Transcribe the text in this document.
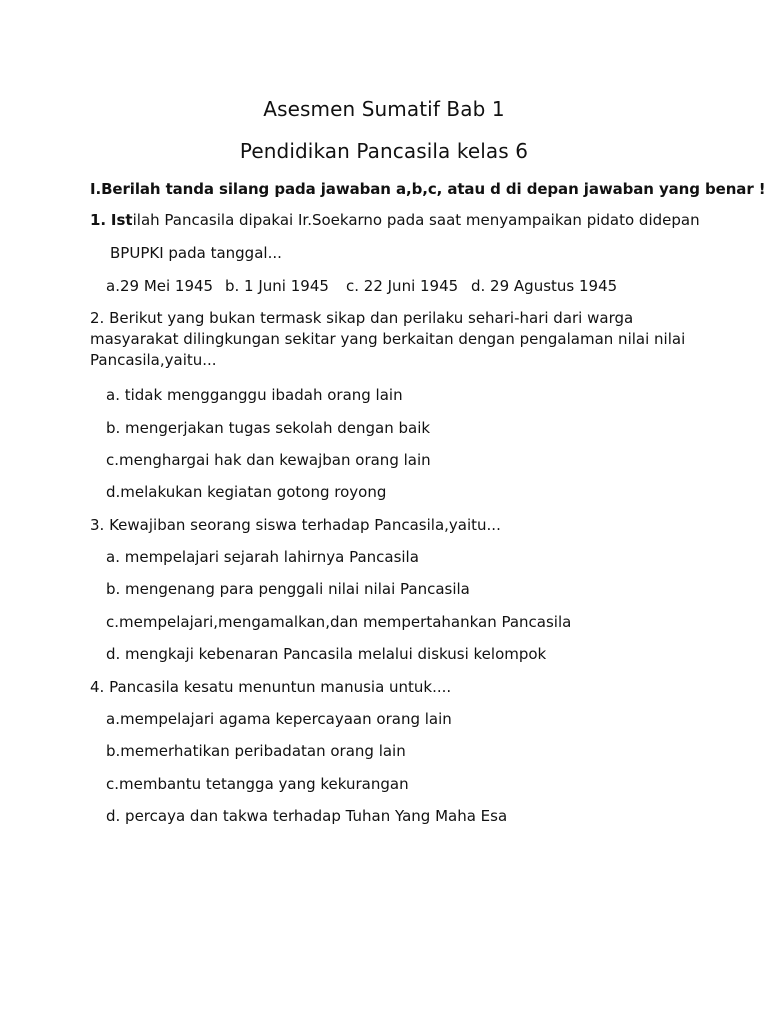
Asesmen Sumatif Bab 1
Pendidikan Pancasila kelas 6
I.Berilah tanda silang pada jawaban a,b,c, atau d di depan jawaban yang benar !
1. Istilah Pancasila dipakai Ir.Soekarno pada saat menyampaikan pidato didepan
BPUPKI pada tanggal...
a.29 Mei 1945 b. 1 Juni 1945 c. 22 Juni 1945 d. 29 Agustus 1945
2. Berikut yang bukan termask sikap dan perilaku sehari-hari dari warga masyarakat dilingkungan sekitar yang berkaitan dengan pengalaman nilai nilai Pancasila,yaitu...
a. tidak mengganggu ibadah orang lain
b. mengerjakan tugas sekolah dengan baik
c.menghargai hak dan kewajban orang lain
d.melakukan kegiatan gotong royong
3. Kewajiban seorang siswa terhadap Pancasila,yaitu...
a. mempelajari sejarah lahirnya Pancasila
b. mengenang para penggali nilai nilai Pancasila
c.mempelajari,mengamalkan,dan mempertahankan Pancasila
d. mengkaji kebenaran Pancasila melalui diskusi kelompok
4. Pancasila kesatu menuntun manusia untuk....
a.mempelajari agama kepercayaan orang lain
b.memerhatikan peribadatan orang lain
c.membantu tetangga yang kekurangan
d. percaya dan takwa terhadap Tuhan Yang Maha Esa
